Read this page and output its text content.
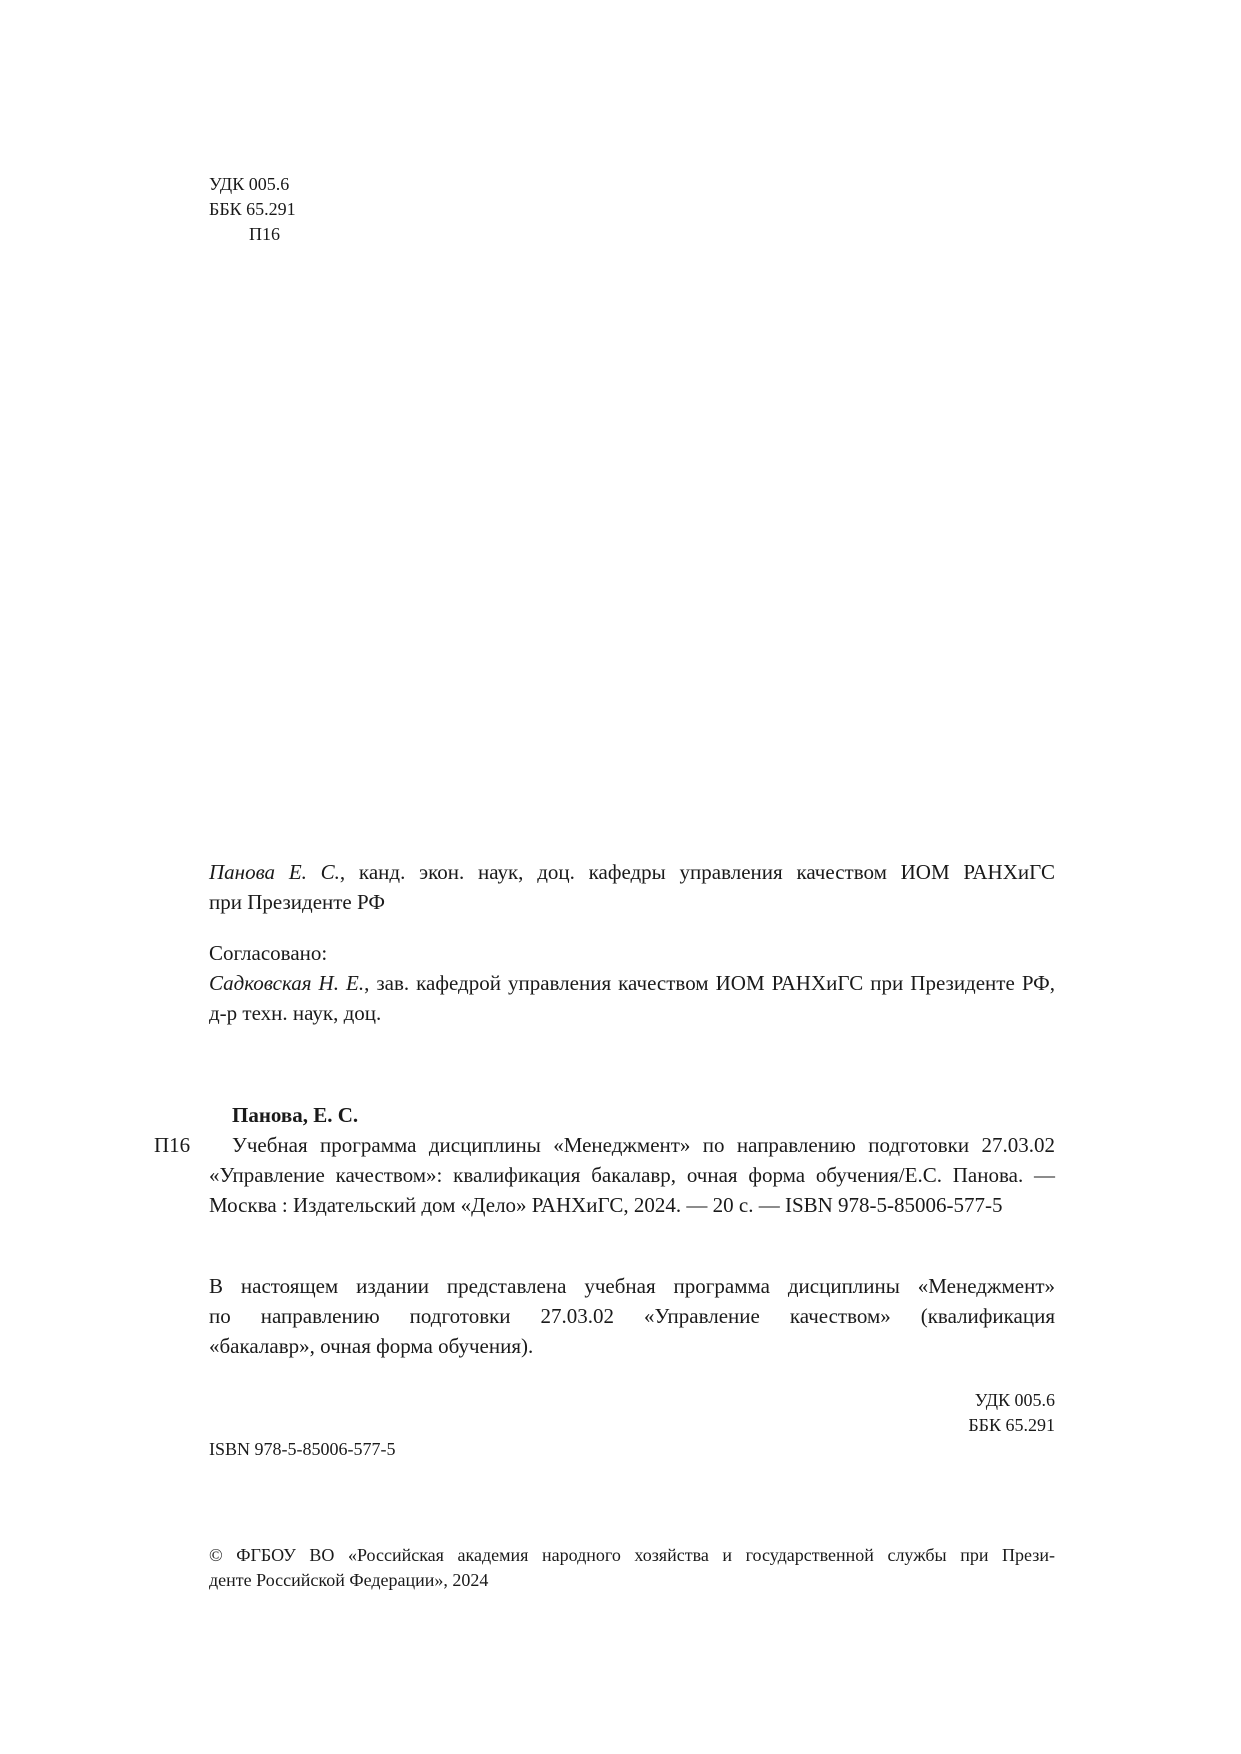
УДК 005.6
ББК 65.291
П16
Панова Е. С., канд. экон. наук, доц. кафедры управления качеством ИОМ РАНХиГС
при Президенте РФ
Согласовано:
Садковская Н. Е., зав. кафедрой управления качеством ИОМ РАНХиГС при Президенте РФ,
д-р техн. наук, доц.
П16
Панова, Е. С.
Учебная программа дисциплины «Менеджмент» по направлению подготовки 27.03.02
«Управление качеством»: квалификация бакалавр, очная форма обучения/Е.С. Панова. —
Москва : Издательский дом «Дело» РАНХиГС, 2024. — 20 с. — ISBN 978-5-85006-577-5
В настоящем издании представлена учебная программа дисциплины «Менеджмент»
по направлению подготовки 27.03.02 «Управление качеством» (квалификация
«бакалавр», очная форма обучения).
УДК 005.6
ББК 65.291
ISBN 978-5-85006-577-5
© ФГБОУ ВО «Российская академия народного хозяйства и государственной службы при Прези-
денте Российской Федерации», 2024
